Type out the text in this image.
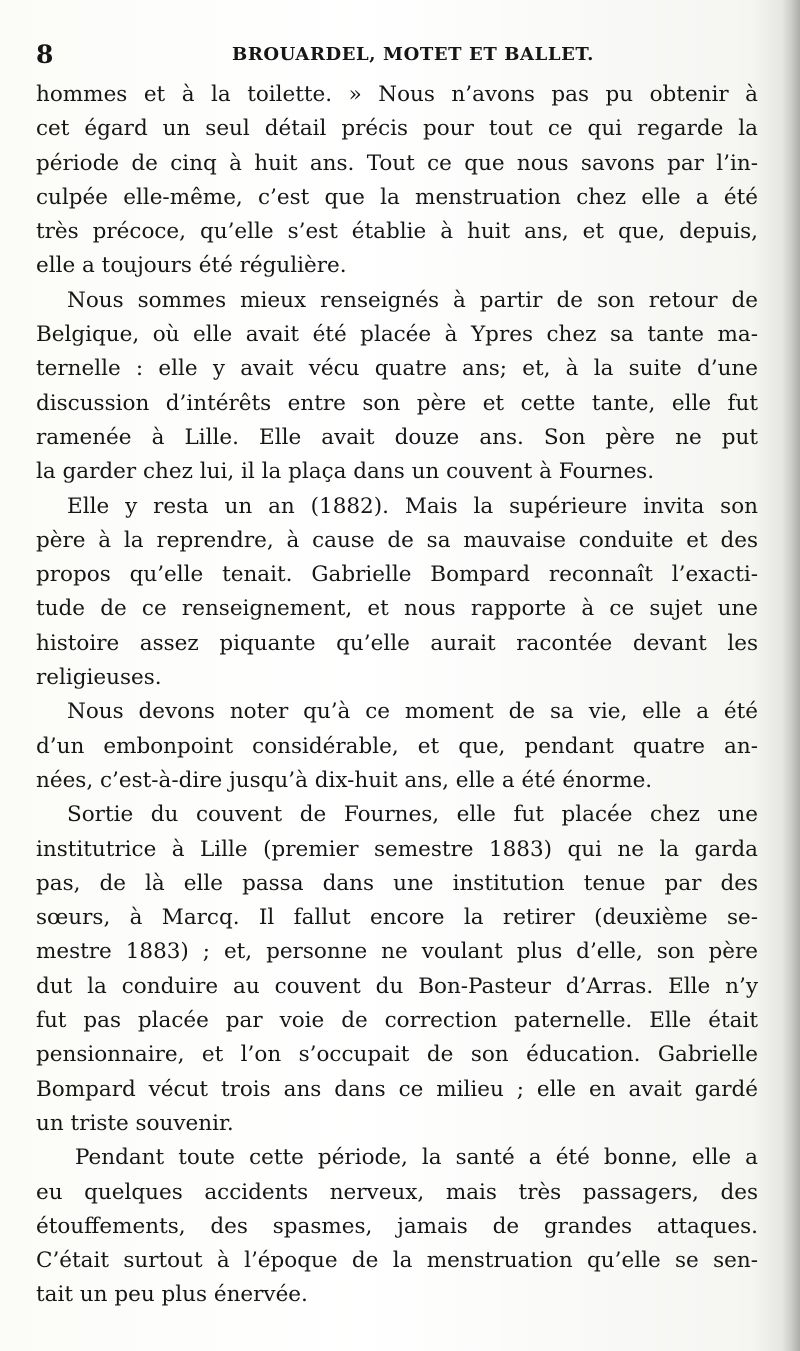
8	BROUARDEL, MOTET ET BALLET.
hommes et à la toilette. » Nous n’avons pas pu obtenir à
cet égard un seul détail précis pour tout ce qui regarde la
période de cinq à huit ans. Tout ce que nous savons par l’in-
culpée elle-même, c’est que la menstruation chez elle a été
très précoce, qu’elle s’est établie à huit ans, et que, depuis,
elle a toujours été régulière.
Nous sommes mieux renseignés à partir de son retour de
Belgique, où elle avait été placée à Ypres chez sa tante ma-
ternelle : elle y avait vécu quatre ans; et, à la suite d’une
discussion d’intérêts entre son père et cette tante, elle fut
ramenée à Lille. Elle avait douze ans. Son père ne put
la garder chez lui, il la plaça dans un couvent à Fournes.
Elle y resta un an (1882). Mais la supérieure invita son
père à la reprendre, à cause de sa mauvaise conduite et des
propos qu’elle tenait. Gabrielle Bompard reconnaît l’exacti-
tude de ce renseignement, et nous rapporte à ce sujet une
histoire assez piquante qu’elle aurait racontée devant les
religieuses.
Nous devons noter qu’à ce moment de sa vie, elle a été
d’un embonpoint considérable, et que, pendant quatre an-
nées, c’est-à-dire jusqu’à dix-huit ans, elle a été énorme.
Sortie du couvent de Fournes, elle fut placée chez une
institutrice à Lille (premier semestre 1883) qui ne la garda
pas, de là elle passa dans une institution tenue par des
sœurs, à Marcq. Il fallut encore la retirer (deuxième se-
mestre 1883) ; et, personne ne voulant plus d’elle, son père
dut la conduire au couvent du Bon-Pasteur d’Arras. Elle n’y
fut pas placée par voie de correction paternelle. Elle était
pensionnaire, et l’on s’occupait de son éducation. Gabrielle
Bompard vécut trois ans dans ce milieu ; elle en avait gardé
un triste souvenir.
Pendant toute cette période, la santé a été bonne, elle a
eu quelques accidents nerveux, mais très passagers, des
étouffements, des spasmes, jamais de grandes attaques.
C’était surtout à l’époque de la menstruation qu’elle se sen-
tait un peu plus énervée.
